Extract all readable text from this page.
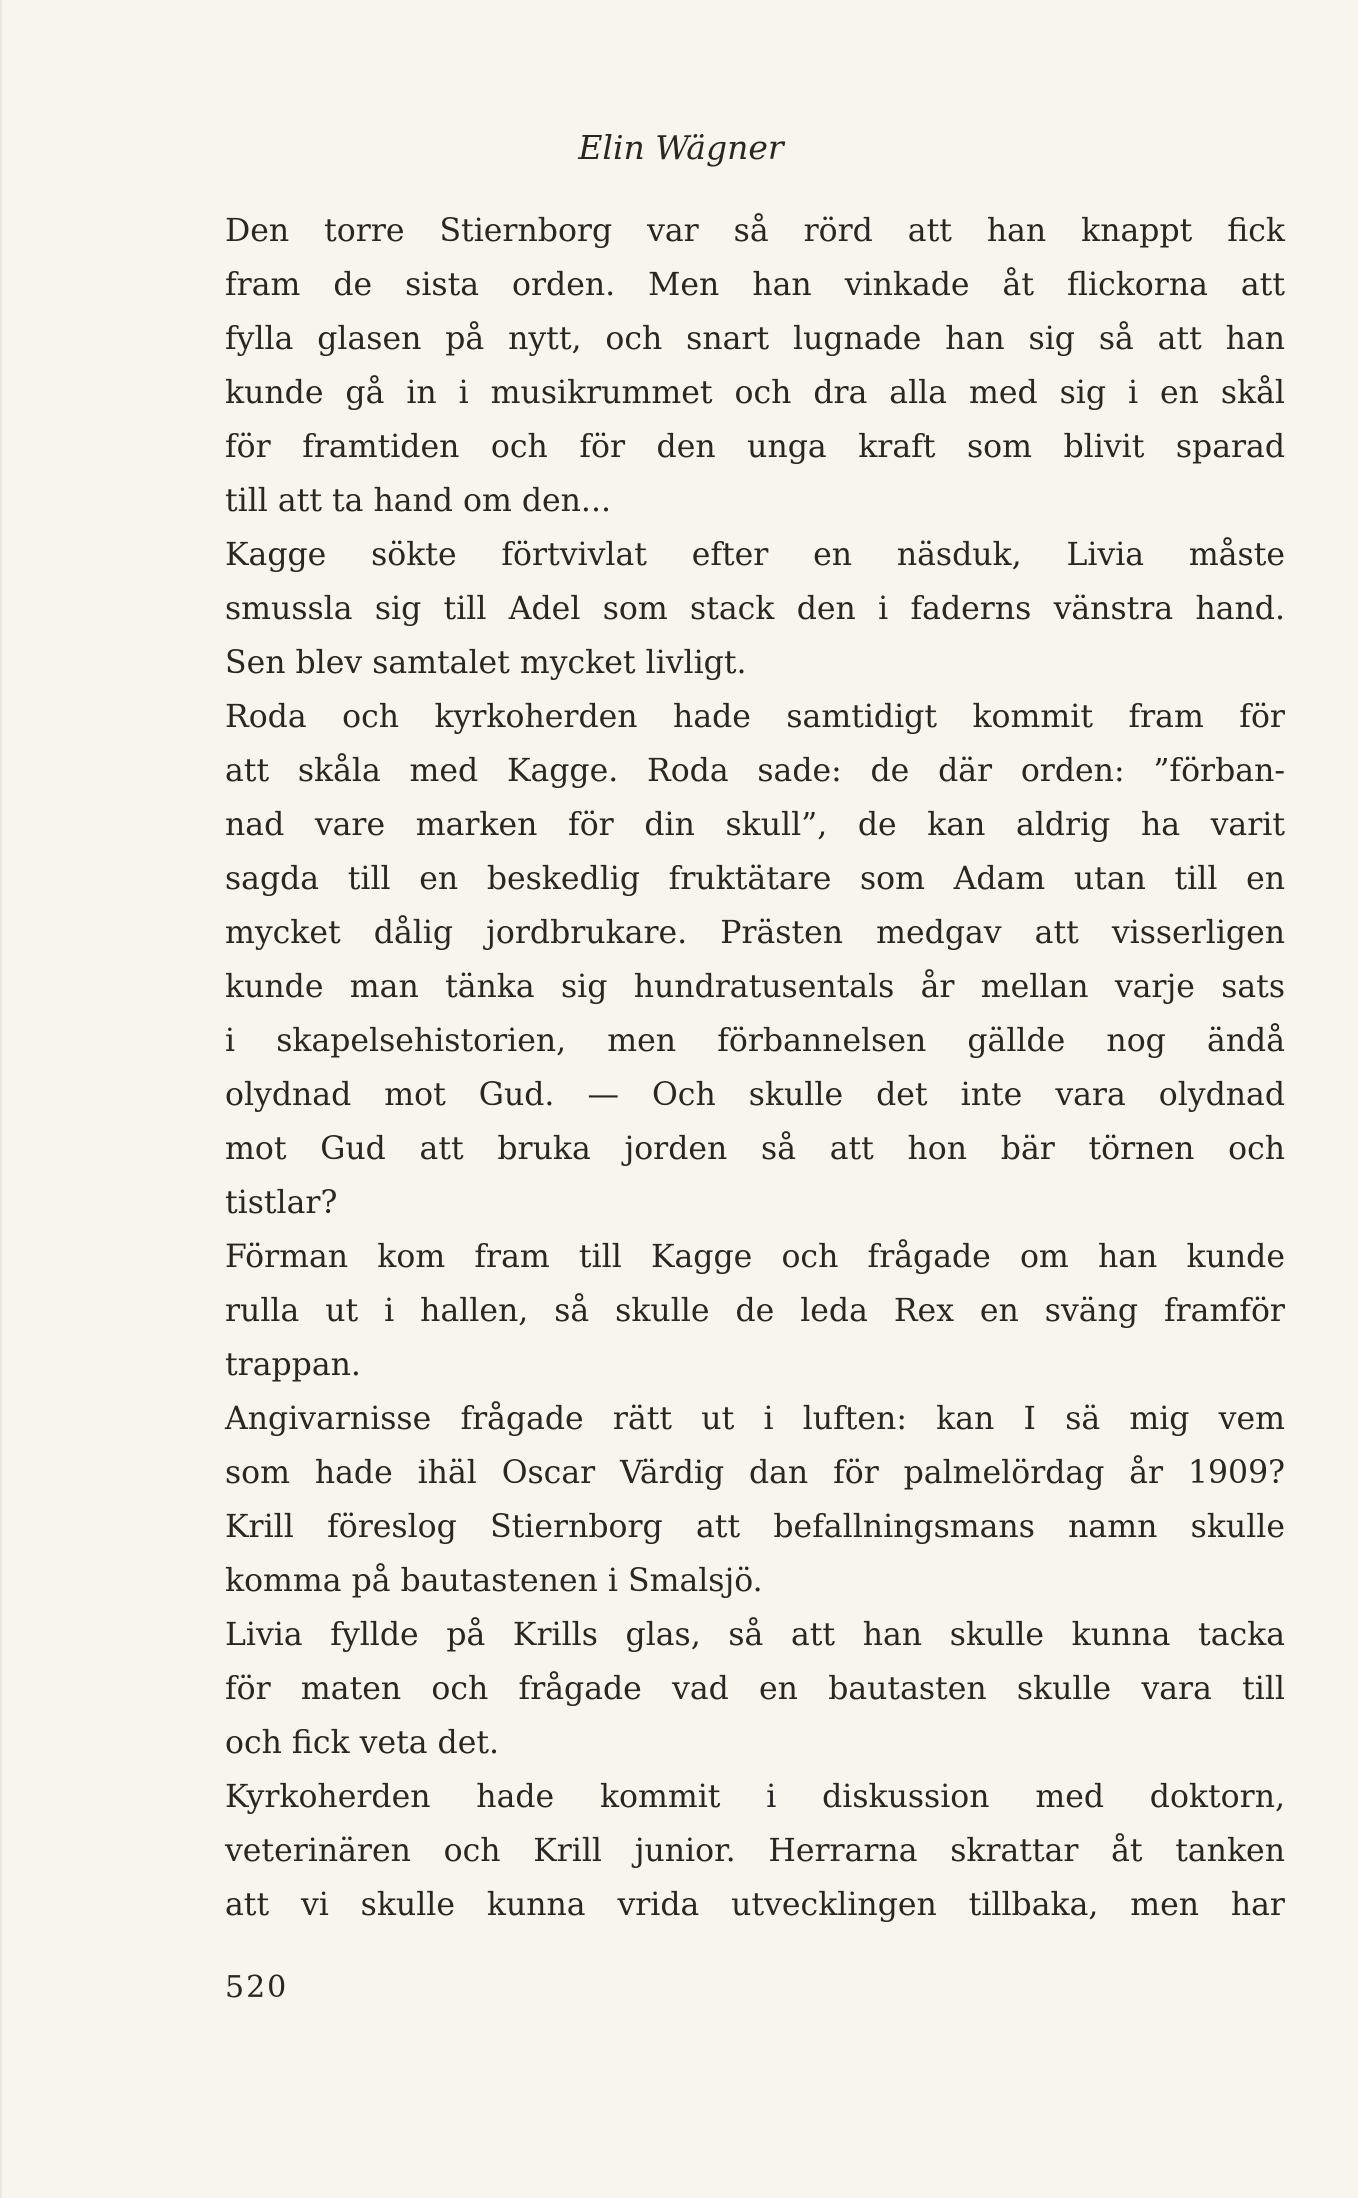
Elin Wägner
Den torre Stiernborg var så rörd att han knappt fick
fram de sista orden. Men han vinkade åt flickorna att
fylla glasen på nytt, och snart lugnade han sig så att han
kunde gå in i musikrummet och dra alla med sig i en skål
för framtiden och för den unga kraft som blivit sparad
till att ta hand om den...
Kagge sökte förtvivlat efter en näsduk, Livia måste
smussla sig till Adel som stack den i faderns vänstra hand.
Sen blev samtalet mycket livligt.
Roda och kyrkoherden hade samtidigt kommit fram för
att skåla med Kagge. Roda sade: de där orden: ”förban-
nad vare marken för din skull”, de kan aldrig ha varit
sagda till en beskedlig fruktätare som Adam utan till en
mycket dålig jordbrukare. Prästen medgav att visserligen
kunde man tänka sig hundratusentals år mellan varje sats
i skapelsehistorien, men förbannelsen gällde nog ändå
olydnad mot Gud. — Och skulle det inte vara olydnad
mot Gud att bruka jorden så att hon bär törnen och
tistlar?
Förman kom fram till Kagge och frågade om han kunde
rulla ut i hallen, så skulle de leda Rex en sväng framför
trappan.
Angivarnisse frågade rätt ut i luften: kan I sä mig vem
som hade ihäl Oscar Värdig dan för palmelördag år 1909?
Krill föreslog Stiernborg att befallningsmans namn skulle
komma på bautastenen i Smalsjö.
Livia fyllde på Krills glas, så att han skulle kunna tacka
för maten och frågade vad en bautasten skulle vara till
och fick veta det.
Kyrkoherden hade kommit i diskussion med doktorn,
veterinären och Krill junior. Herrarna skrattar åt tanken
att vi skulle kunna vrida utvecklingen tillbaka, men har
520
